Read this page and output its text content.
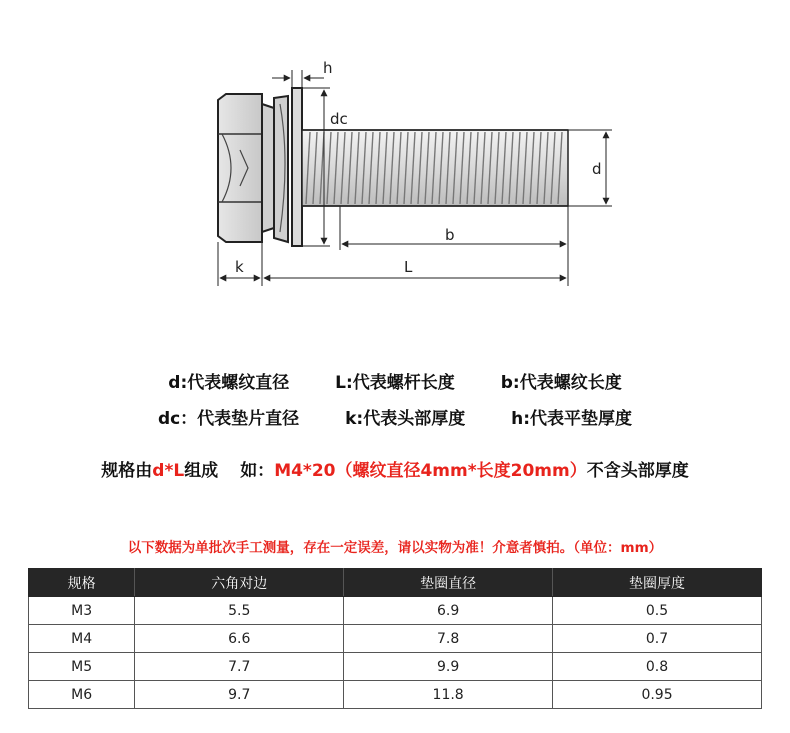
h
dc
d
b
k	L
d:代表螺纹直径	L:代表螺杆长度	b:代表螺纹长度
dc：代表垫片直径	k:代表头部厚度	h:代表平垫厚度
规格由d*L组成 如：M4*20（螺纹直径4mm*长度20mm）不含头部厚度
以下数据为单批次手工测量，存在一定误差，请以实物为准！介意者慎拍。（单位：mm）
规格	六角对边	垫圈直径	垫圈厚度
M3	5.5	6.9	0.5
M4	6.6	7.8	0.7
M5	7.7	9.9	0.8
M6	9.7	11.8	0.95
